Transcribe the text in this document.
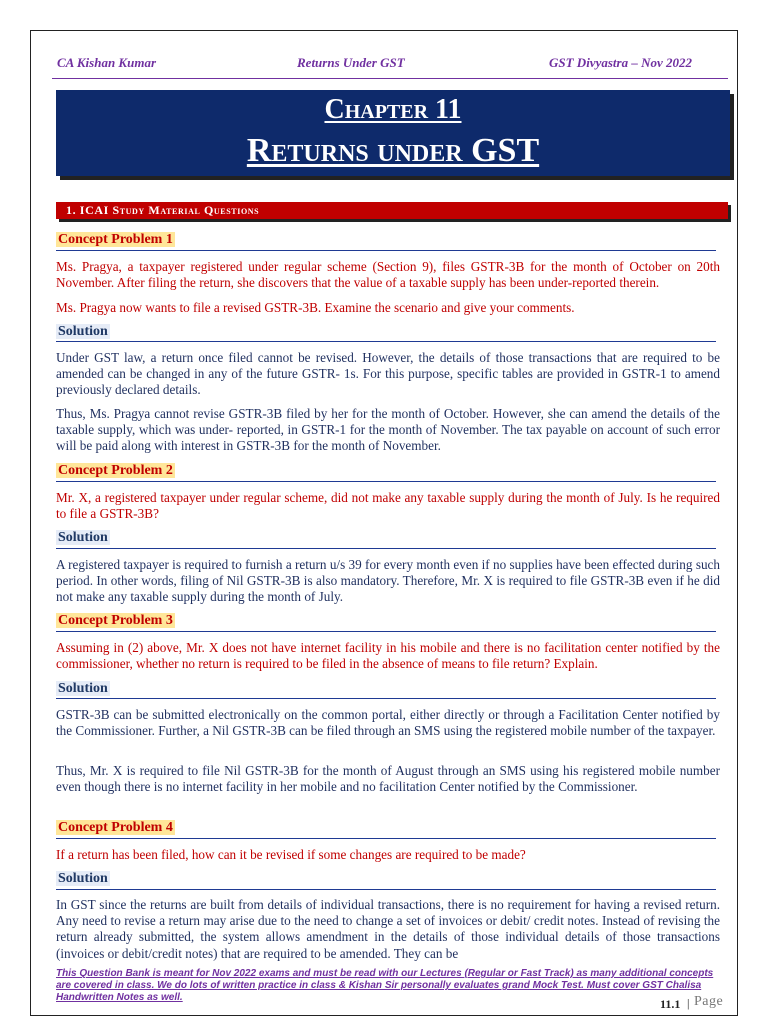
CA Kishan Kumar	Returns Under GST	GST Divyastra – Nov 2022
Chapter 11
Returns under GST
1. ICAI Study Material Questions
Concept Problem 1

Ms. Pragya, a taxpayer registered under regular scheme (Section 9), files GSTR-3B for the month of October on 20th November. After filing the return, she discovers that the value of a taxable supply has been under-reported therein.

Ms. Pragya now wants to file a revised GSTR-3B. Examine the scenario and give your comments.

Solution

Under GST law, a return once filed cannot be revised. However, the details of those transactions that are required to be amended can be changed in any of the future GSTR- 1s. For this purpose, specific tables are provided in GSTR-1 to amend previously declared details.

Thus, Ms. Pragya cannot revise GSTR-3B filed by her for the month of October. However, she can amend the details of the taxable supply, which was under- reported, in GSTR-1 for the month of November. The tax payable on account of such error will be paid along with interest in GSTR-3B for the month of November.

Concept Problem 2

Mr. X, a registered taxpayer under regular scheme, did not make any taxable supply during the month of July. Is he required to file a GSTR-3B?

Solution

A registered taxpayer is required to furnish a return u/s 39 for every month even if no supplies have been effected during such period. In other words, filing of Nil GSTR-3B is also mandatory. Therefore, Mr. X is required to file GSTR-3B even if he did not make any taxable supply during the month of July.

Concept Problem 3

Assuming in (2) above, Mr. X does not have internet facility in his mobile and there is no facilitation center notified by the commissioner, whether no return is required to be filed in the absence of means to file return? Explain.

Solution

GSTR-3B can be submitted electronically on the common portal, either directly or through a Facilitation Center notified by the Commissioner. Further, a Nil GSTR-3B can be filed through an SMS using the registered mobile number of the taxpayer.

Thus, Mr. X is required to file Nil GSTR-3B for the month of August through an SMS using his registered mobile number even though there is no internet facility in her mobile and no facilitation Center notified by the Commissioner.

Concept Problem 4

If a return has been filed, how can it be revised if some changes are required to be made?

Solution

In GST since the returns are built from details of individual transactions, there is no requirement for having a revised return. Any need to revise a return may arise due to the need to change a set of invoices or debit/ credit notes. Instead of revising the return already submitted, the system allows amendment in the details of those individual details of those transactions (invoices or debit/credit notes) that are required to be amended. They can be

This Question Bank is meant for Nov 2022 exams and must be read with our Lectures (Regular or Fast Track) as many additional concepts are covered in class. We do lots of written practice in class & Kishan Sir personally evaluates grand Mock Test. Must cover GST Chalisa Handwritten Notes as well.	11.1 | Page
